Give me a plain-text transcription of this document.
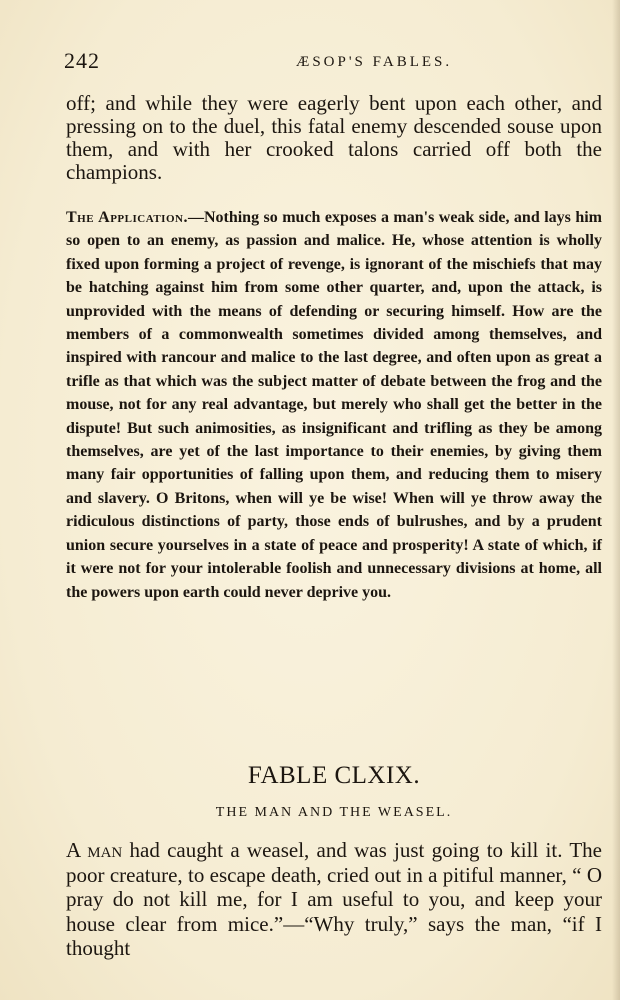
242	ÆSOP'S FABLES.

off; and while they were eagerly bent upon each other, and pressing on to the duel, this fatal enemy descended souse upon them, and with her crooked talons carried off both the champions.

The Application.—Nothing so much exposes a man's weak side, and lays him so open to an enemy, as passion and malice. He, whose attention is wholly fixed upon forming a project of revenge, is ignorant of the mischiefs that may be hatching against him from some other quarter, and, upon the attack, is unprovided with the means of defending or securing himself. How are the members of a commonwealth sometimes divided among themselves, and inspired with rancour and malice to the last degree, and often upon as great a trifle as that which was the subject matter of debate between the frog and the mouse, not for any real advantage, but merely who shall get the better in the dispute! But such animosities, as insignificant and trifling as they be among themselves, are yet of the last importance to their enemies, by giving them many fair opportunities of falling upon them, and reducing them to misery and slavery. O Britons, when will ye be wise! When will ye throw away the ridiculous distinctions of party, those ends of bulrushes, and by a prudent union secure yourselves in a state of peace and prosperity! A state of which, if it were not for your intolerable foolish and unnecessary divisions at home, all the powers upon earth could never deprive you.

FABLE CLXIX.
THE MAN AND THE WEASEL.

A man had caught a weasel, and was just going to kill it. The poor creature, to escape death, cried out in a pitiful manner, “ O pray do not kill me, for I am useful to you, and keep your house clear from mice.”—“Why truly,” says the man, “if I thought
